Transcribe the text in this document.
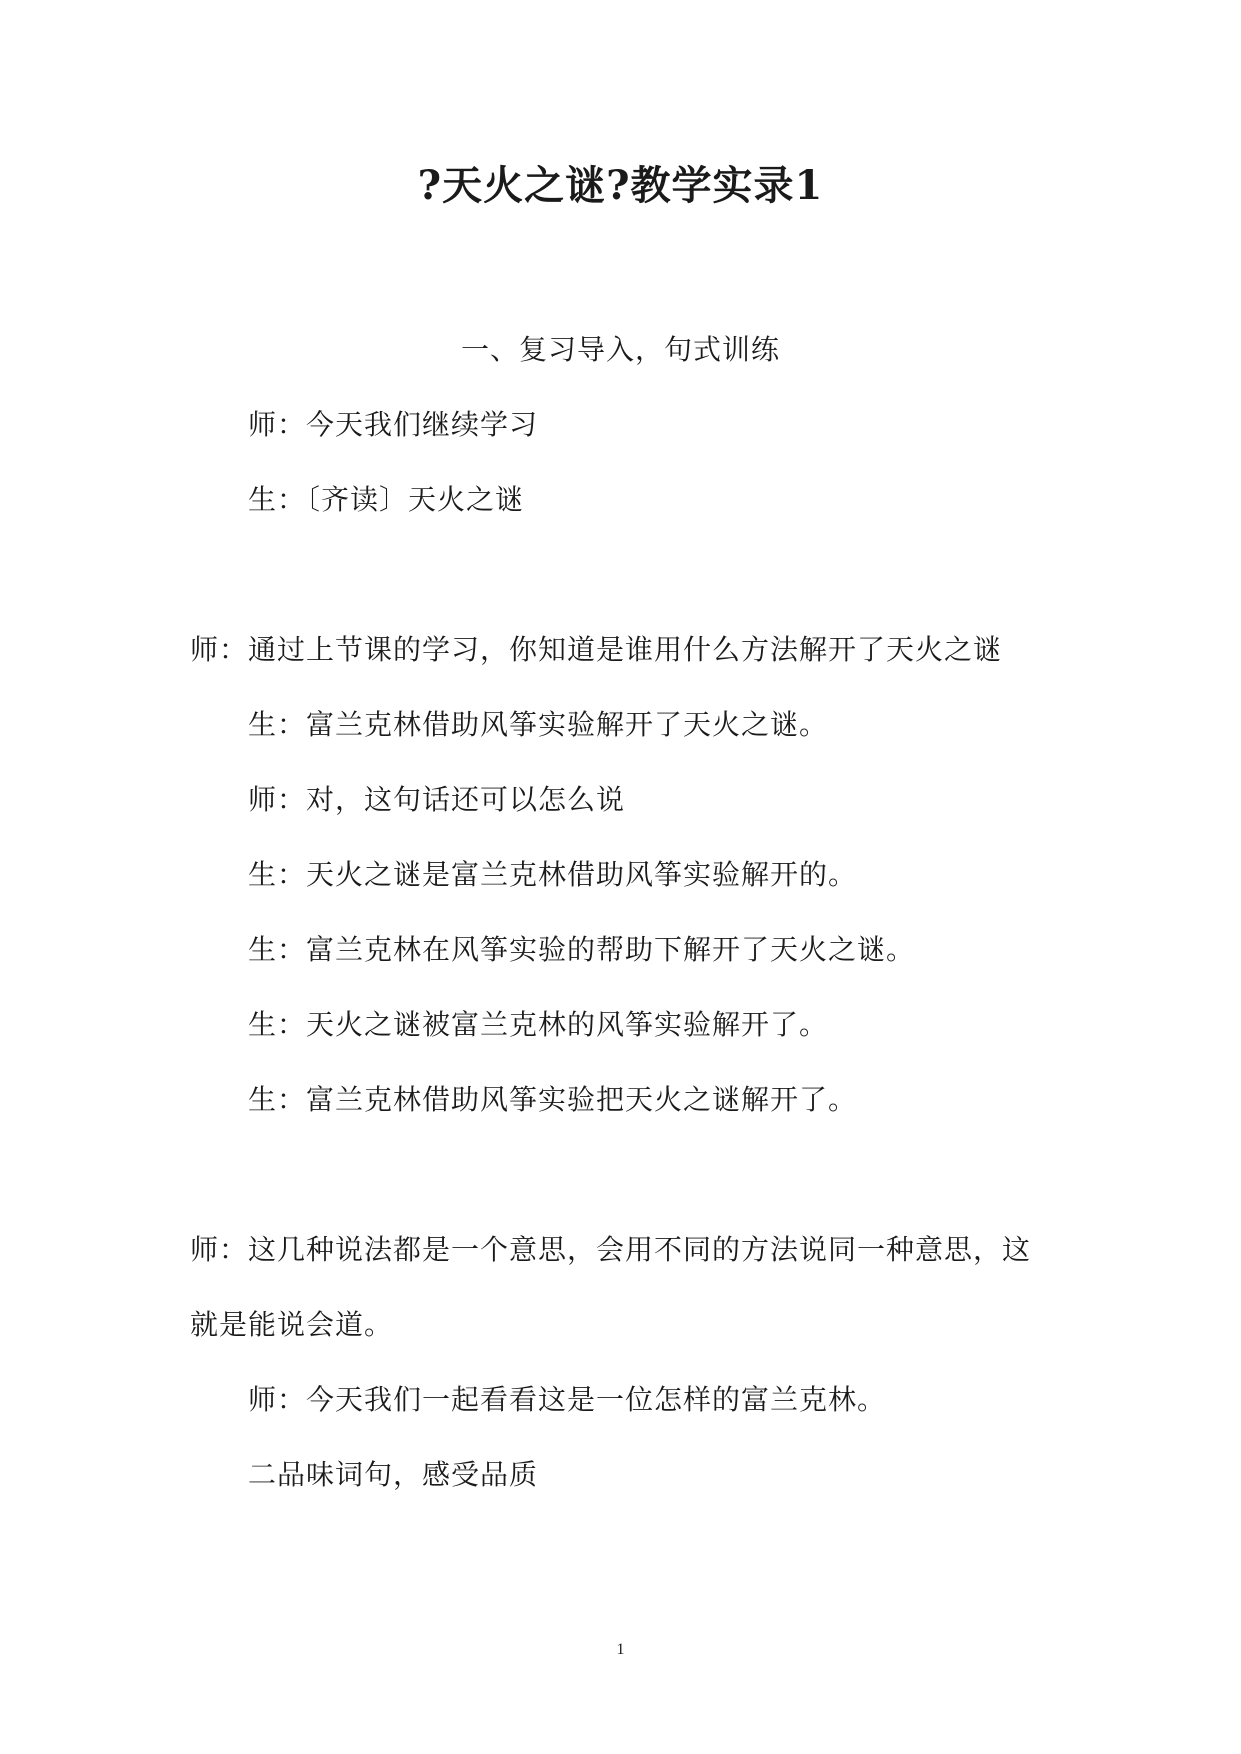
?天火之谜?教学实录1
一、复习导入，句式训练
师：今天我们继续学习
生：〔齐读〕天火之谜
师：通过上节课的学习，你知道是谁用什么方法解开了天火之谜
生：富兰克林借助风筝实验解开了天火之谜。
师：对，这句话还可以怎么说
生：天火之谜是富兰克林借助风筝实验解开的。
生：富兰克林在风筝实验的帮助下解开了天火之谜。
生：天火之谜被富兰克林的风筝实验解开了。
生：富兰克林借助风筝实验把天火之谜解开了。
师：这几种说法都是一个意思，会用不同的方法说同一种意思，这
就是能说会道。
师：今天我们一起看看这是一位怎样的富兰克林。
二品味词句，感受品质
1
